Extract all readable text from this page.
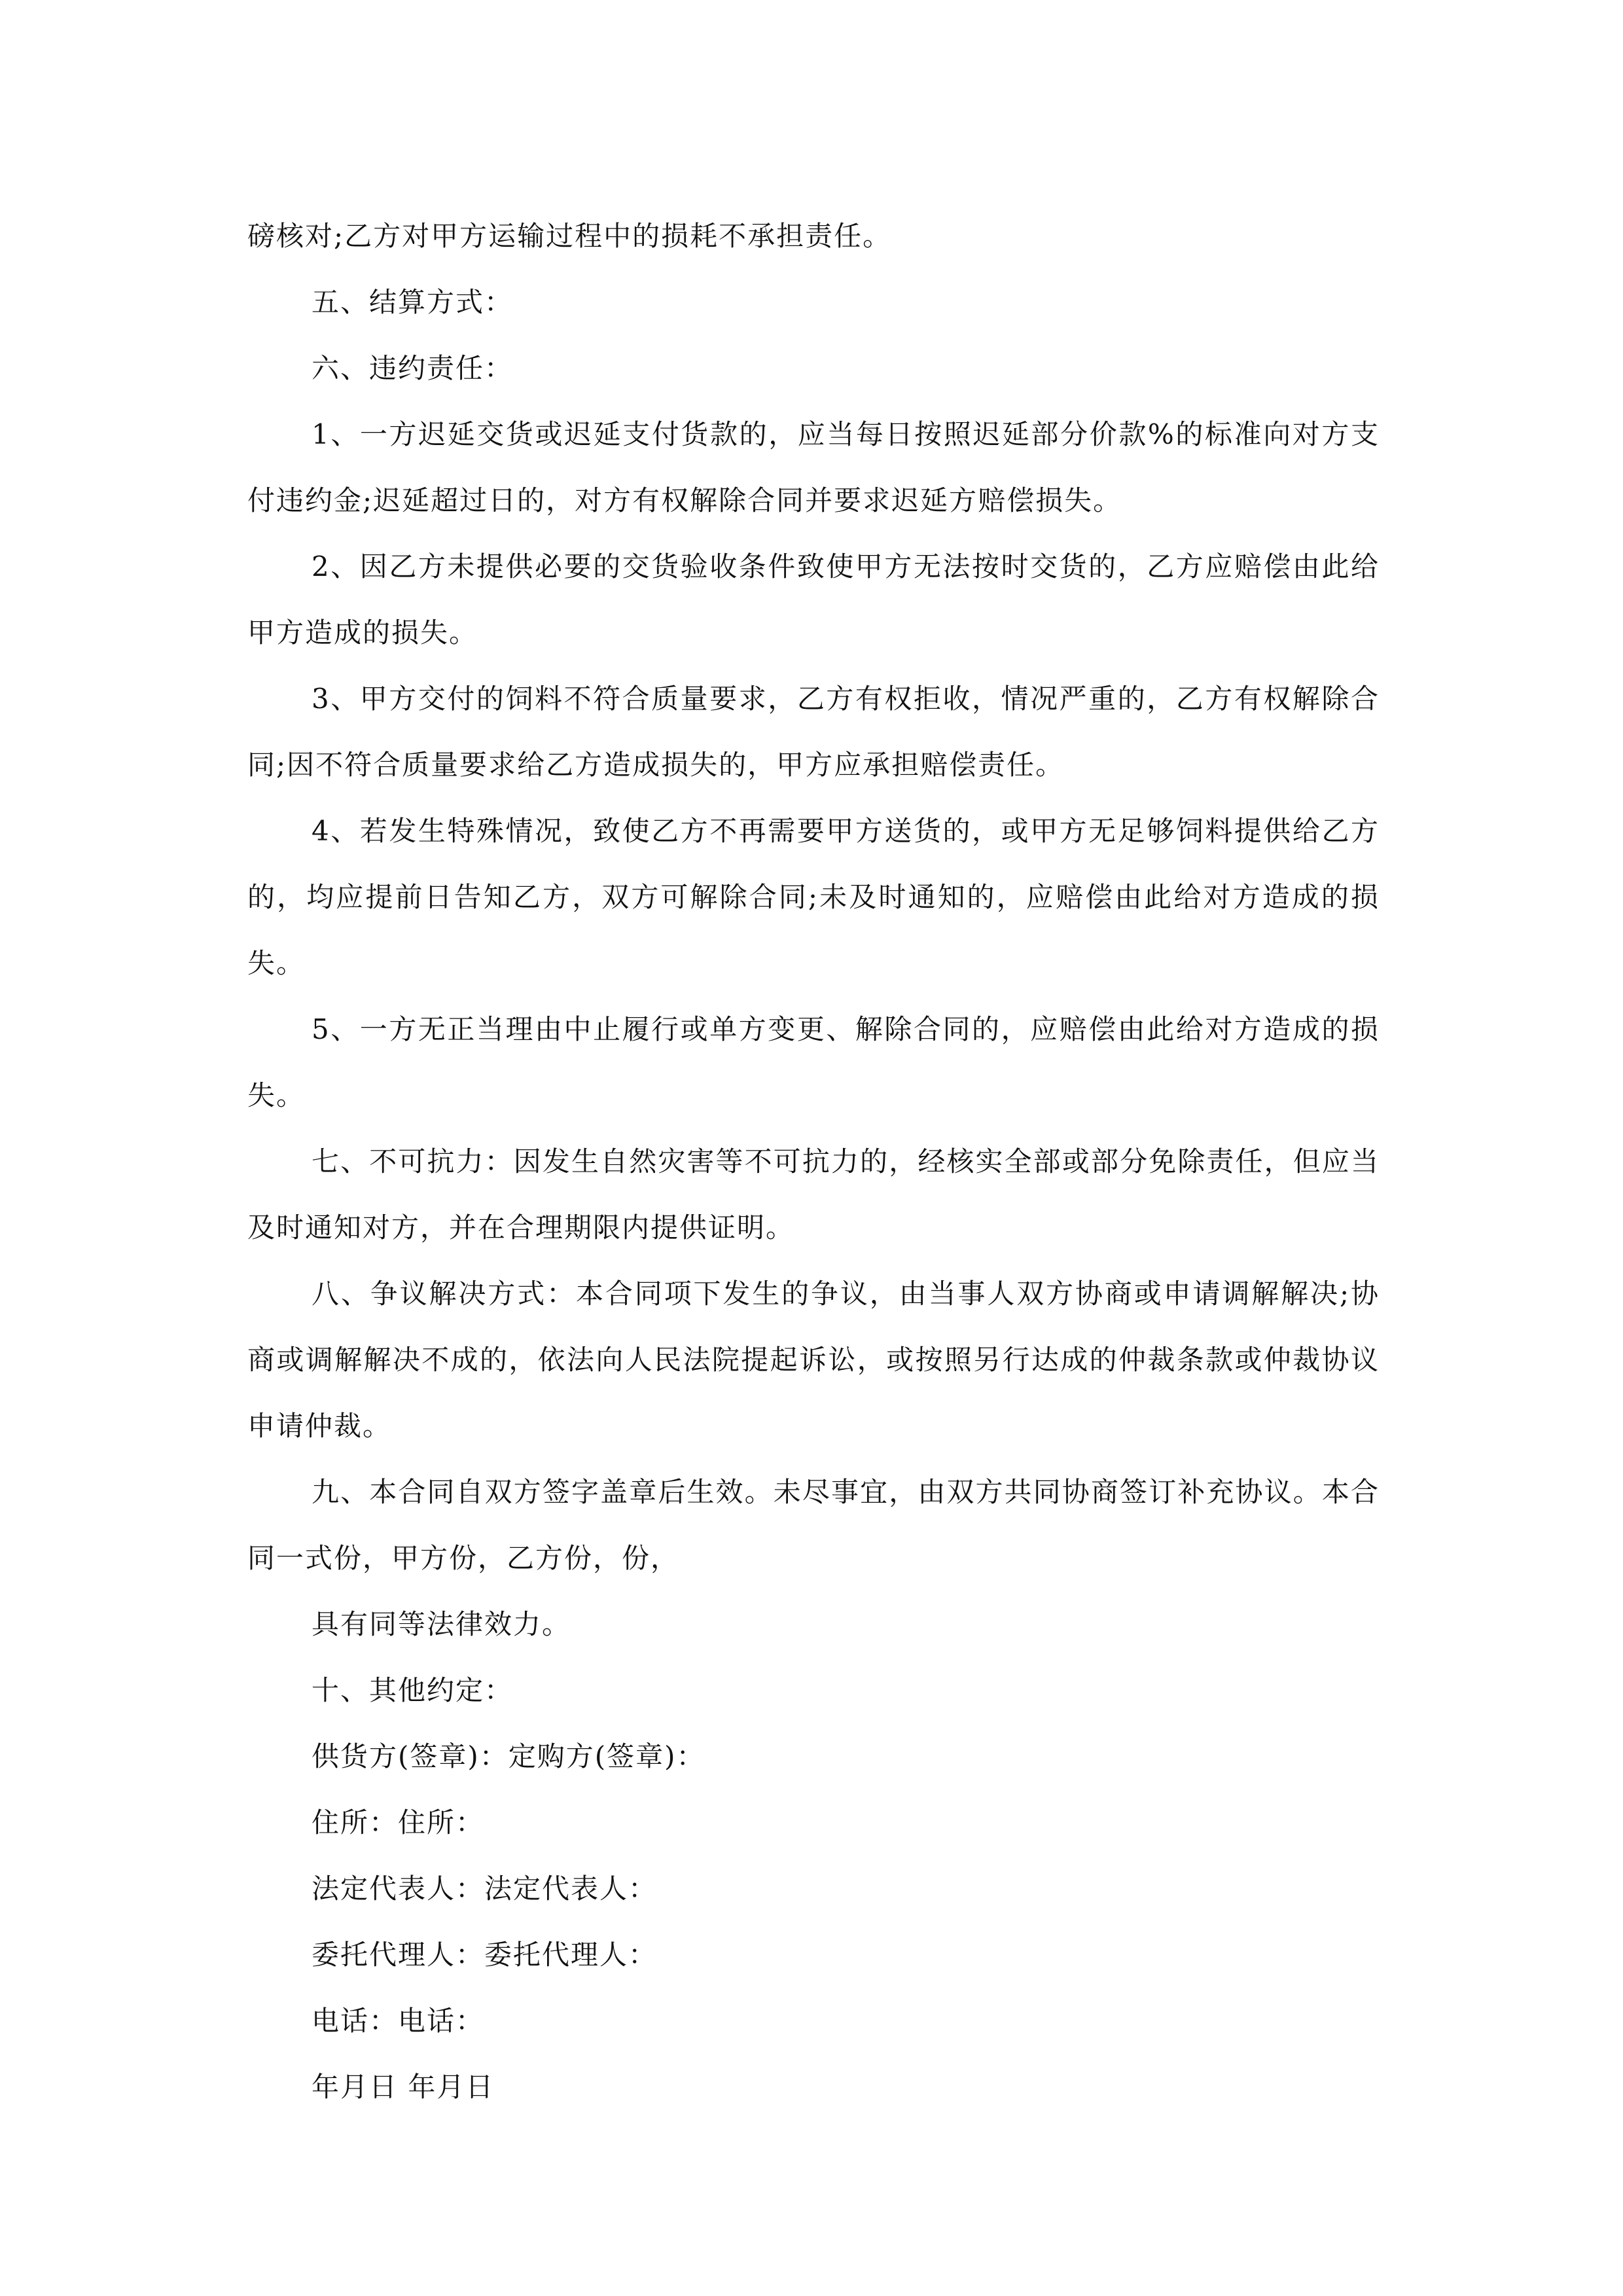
磅核对;乙方对甲方运输过程中的损耗不承担责任。

五、结算方式：

六、违约责任：

1、一方迟延交货或迟延支付货款的，应当每日按照迟延部分价款%的标准向对方支付违约金;迟延超过日的，对方有权解除合同并要求迟延方赔偿损失。

2、因乙方未提供必要的交货验收条件致使甲方无法按时交货的，乙方应赔偿由此给甲方造成的损失。

3、甲方交付的饲料不符合质量要求，乙方有权拒收，情况严重的，乙方有权解除合同;因不符合质量要求给乙方造成损失的，甲方应承担赔偿责任。

4、若发生特殊情况，致使乙方不再需要甲方送货的，或甲方无足够饲料提供给乙方的，均应提前日告知乙方，双方可解除合同;未及时通知的，应赔偿由此给对方造成的损失。

5、一方无正当理由中止履行或单方变更、解除合同的，应赔偿由此给对方造成的损失。

七、不可抗力：因发生自然灾害等不可抗力的，经核实全部或部分免除责任，但应当及时通知对方，并在合理期限内提供证明。

八、争议解决方式：本合同项下发生的争议，由当事人双方协商或申请调解解决;协商或调解解决不成的，依法向人民法院提起诉讼，或按照另行达成的仲裁条款或仲裁协议申请仲裁。

九、本合同自双方签字盖章后生效。未尽事宜，由双方共同协商签订补充协议。本合同一式份，甲方份，乙方份，份，

具有同等法律效力。

十、其他约定：

供货方(签章)：定购方(签章)：

住所：住所：

法定代表人：法定代表人：

委托代理人：委托代理人：

电话：电话：

年月日 年月日
